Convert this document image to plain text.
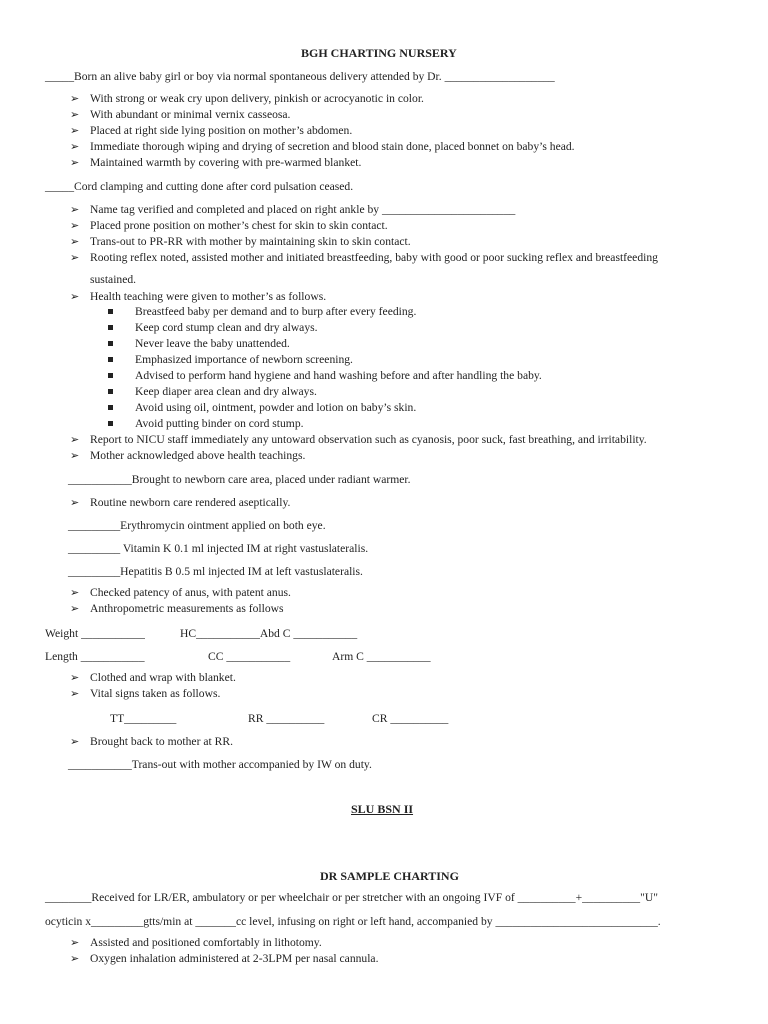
BGH CHARTING NURSERY
_____Born an alive baby girl or boy via normal spontaneous delivery attended by Dr. ___________________
➢ With strong or weak cry upon delivery, pinkish or acrocyanotic in color.
➢ With abundant or minimal vernix casseosa.
➢ Placed at right side lying position on mother’s abdomen.
➢ Immediate thorough wiping and drying of secretion and blood stain done, placed bonnet on baby’s head.
➢ Maintained warmth by covering with pre-warmed blanket.
_____Cord clamping and cutting done after cord pulsation ceased.
➢ Name tag verified and completed and placed on right ankle by _______________________
➢ Placed prone position on mother’s chest for skin to skin contact.
➢ Trans-out to PR-RR with mother by maintaining skin to skin contact.
➢ Rooting reflex noted, assisted mother and initiated breastfeeding, baby with good or poor sucking reflex and breastfeeding
sustained.
➢ Health teaching were given to mother’s as follows.
Breastfeed baby per demand and to burp after every feeding.
Keep cord stump clean and dry always.
Never leave the baby unattended.
Emphasized importance of newborn screening.
Advised to perform hand hygiene and hand washing before and after handling the baby.
Keep diaper area clean and dry always.
Avoid using oil, ointment, powder and lotion on baby’s skin.
Avoid putting binder on cord stump.
➢ Report to NICU staff immediately any untoward observation such as cyanosis, poor suck, fast breathing, and irritability.
➢ Mother acknowledged above health teachings.
___________Brought to newborn care area, placed under radiant warmer.
➢ Routine newborn care rendered aseptically.
_________Erythromycin ointment applied on both eye.
_________ Vitamin K 0.1 ml injected IM at right vastuslateralis.
_________Hepatitis B 0.5 ml injected IM at left vastuslateralis.
➢ Checked patency of anus, with patent anus.
➢ Anthropometric measurements as follows
Weight ___________	HC___________Abd C ___________
Length ___________	CC ___________	Arm C ___________
➢ Clothed and wrap with blanket.
➢ Vital signs taken as follows.
TT_________	RR __________	CR __________
➢ Brought back to mother at RR.
___________Trans-out with mother accompanied by IW on duty.
SLU BSN II
DR SAMPLE CHARTING
________Received for LR/ER, ambulatory or per wheelchair or per stretcher with an ongoing IVF of __________+__________"U"
ocyticin x_________gtts/min at _______cc level, infusing on right or left hand, accompanied by ____________________________.
➢ Assisted and positioned comfortably in lithotomy.
➢ Oxygen inhalation administered at 2-3LPM per nasal cannula.
